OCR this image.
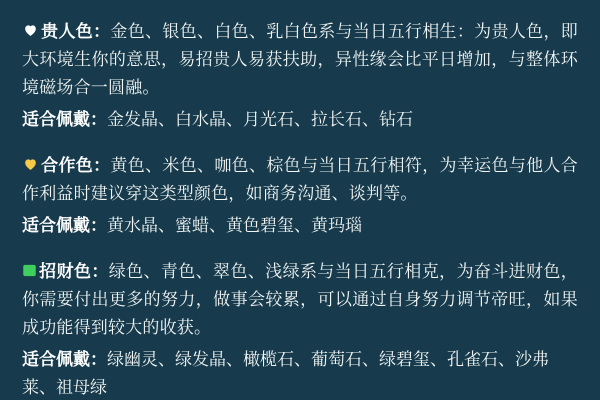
贵人色：金色、银色、白色、乳白色系与当日五行相生：为贵人色，即大环境生你的意思，易招贵人易获扶助，异性缘会比平日增加，与整体环境磁场合一圆融。

适合佩戴：金发晶、白水晶、月光石、拉长石、钻石

合作色：黄色、米色、咖色、棕色与当日五行相符，为幸运色与他人合作利益时建议穿这类型颜色，如商务沟通、谈判等。

适合佩戴：黄水晶、蜜蜡、黄色碧玺、黄玛瑙

招财色：绿色、青色、翠色、浅绿系与当日五行相克，为奋斗进财色，你需要付出更多的努力，做事会较累，可以通过自身努力调节帝旺，如果成功能得到较大的收获。

适合佩戴：绿幽灵、绿发晶、橄榄石、葡萄石、绿碧玺、孔雀石、沙弗莱、祖母绿
